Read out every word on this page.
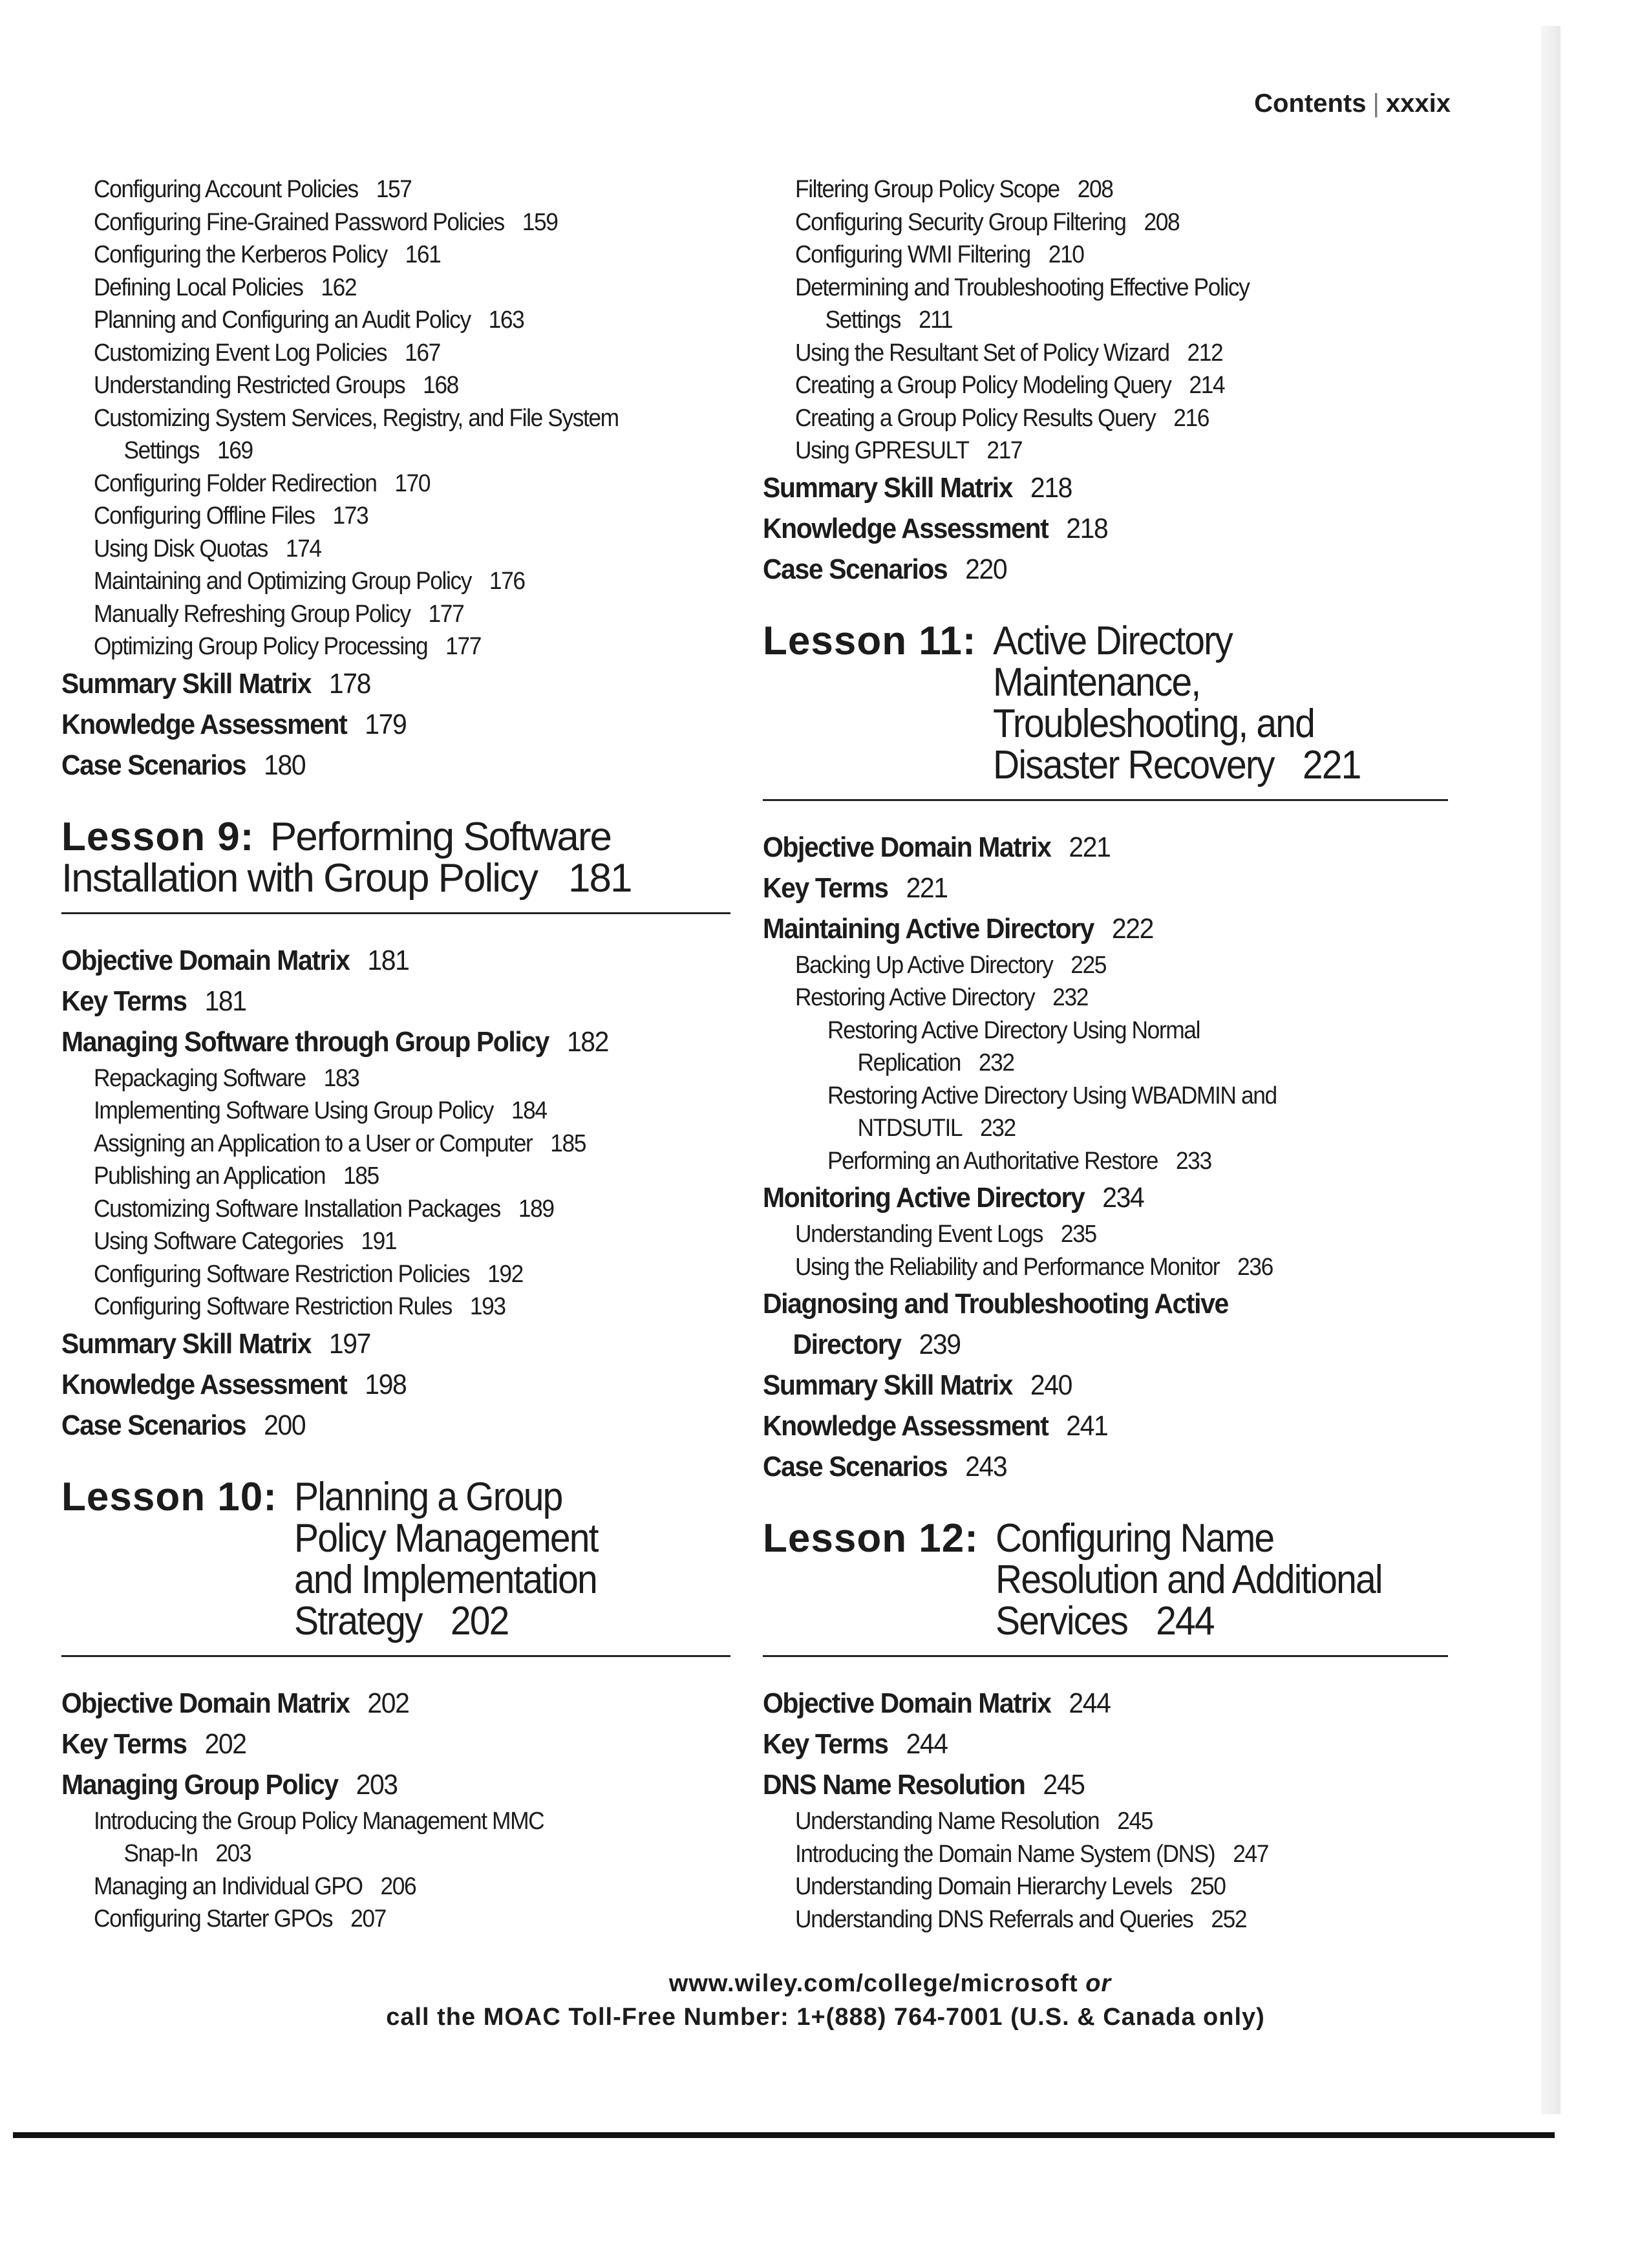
Contents | xxxix
Configuring Account Policies 157
Configuring Fine-Grained Password Policies 159
Configuring the Kerberos Policy 161
Defining Local Policies 162
Planning and Configuring an Audit Policy 163
Customizing Event Log Policies 167
Understanding Restricted Groups 168
Customizing System Services, Registry, and File System
Settings 169
Configuring Folder Redirection 170
Configuring Offline Files 173
Using Disk Quotas 174
Maintaining and Optimizing Group Policy 176
Manually Refreshing Group Policy 177
Optimizing Group Policy Processing 177
Summary Skill Matrix 178
Knowledge Assessment 179
Case Scenarios 180
Lesson 9: Performing Software Installation with Group Policy 181
Objective Domain Matrix 181
Key Terms 181
Managing Software through Group Policy 182
Repackaging Software 183
Implementing Software Using Group Policy 184
Assigning an Application to a User or Computer 185
Publishing an Application 185
Customizing Software Installation Packages 189
Using Software Categories 191
Configuring Software Restriction Policies 192
Configuring Software Restriction Rules 193
Summary Skill Matrix 197
Knowledge Assessment 198
Case Scenarios 200
Lesson 10: Planning a Group
Policy Management
and Implementation
Strategy 202
Objective Domain Matrix 202
Key Terms 202
Managing Group Policy 203
Introducing the Group Policy Management MMC
Snap-In 203
Managing an Individual GPO 206
Configuring Starter GPOs 207
Filtering Group Policy Scope 208
Configuring Security Group Filtering 208
Configuring WMI Filtering 210
Determining and Troubleshooting Effective Policy
Settings 211
Using the Resultant Set of Policy Wizard 212
Creating a Group Policy Modeling Query 214
Creating a Group Policy Results Query 216
Using GPRESULT 217
Summary Skill Matrix 218
Knowledge Assessment 218
Case Scenarios 220
Lesson 11: Active Directory
Maintenance,
Troubleshooting, and
Disaster Recovery 221
Objective Domain Matrix 221
Key Terms 221
Maintaining Active Directory 222
Backing Up Active Directory 225
Restoring Active Directory 232
Restoring Active Directory Using Normal
Replication 232
Restoring Active Directory Using WBADMIN and
NTDSUTIL 232
Performing an Authoritative Restore 233
Monitoring Active Directory 234
Understanding Event Logs 235
Using the Reliability and Performance Monitor 236
Diagnosing and Troubleshooting Active
Directory 239
Summary Skill Matrix 240
Knowledge Assessment 241
Case Scenarios 243
Lesson 12: Configuring Name
Resolution and Additional
Services 244
Objective Domain Matrix 244
Key Terms 244
DNS Name Resolution 245
Understanding Name Resolution 245
Introducing the Domain Name System (DNS) 247
Understanding Domain Hierarchy Levels 250
Understanding DNS Referrals and Queries 252
www.wiley.com/college/microsoft or
call the MOAC Toll-Free Number: 1+(888) 764-7001 (U.S. & Canada only)
